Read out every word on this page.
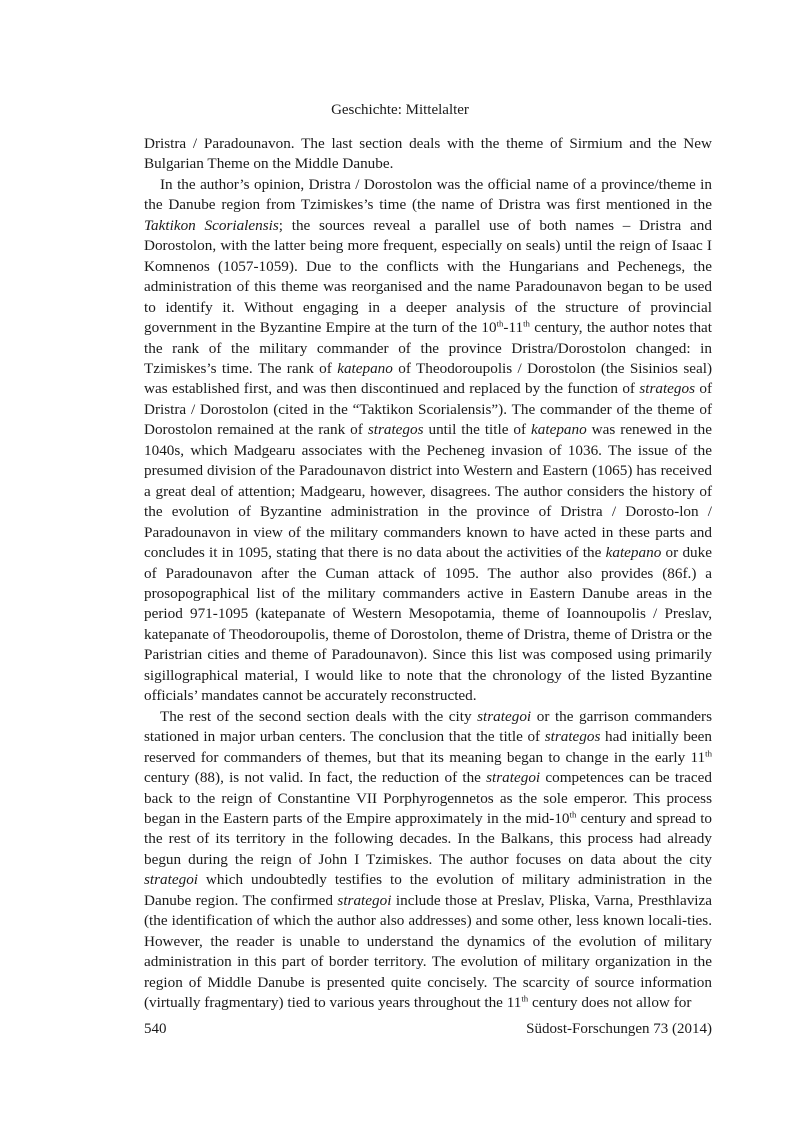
Geschichte: Mittelalter

Dristra / Paradounavon. The last section deals with the theme of Sirmium and the New Bulgarian Theme on the Middle Danube.

In the author’s opinion, Dristra / Dorostolon was the official name of a province/theme in the Danube region from Tzimiskes’s time (the name of Dristra was first mentioned in the Taktikon Scorialensis; the sources reveal a parallel use of both names – Dristra and Dorostolon, with the latter being more frequent, especially on seals) until the reign of Isaac I Komnenos (1057-1059). Due to the conflicts with the Hungarians and Pechenegs, the administration of this theme was reorganised and the name Paradounavon began to be used to identify it. Without engaging in a deeper analysis of the structure of provincial government in the Byzantine Empire at the turn of the 10th-11th century, the author notes that the rank of the military commander of the province Dristra/Dorostolon changed: in Tzimiskes’s time. The rank of katepano of Theodoroupolis / Dorostolon (the Sisinios seal) was established first, and was then discontinued and replaced by the function of strategos of Dristra / Dorostolon (cited in the “Taktikon Scorialensis”). The commander of the theme of Dorostolon remained at the rank of strategos until the title of katepano was renewed in the 1040s, which Madgearu associates with the Pecheneg invasion of 1036. The issue of the presumed division of the Paradounavon district into Western and Eastern (1065) has received a great deal of attention; Madgearu, however, disagrees. The author considers the history of the evolution of Byzantine administration in the province of Dristra / Dorosto-lon / Paradounavon in view of the military commanders known to have acted in these parts and concludes it in 1095, stating that there is no data about the activities of the katepano or duke of Paradounavon after the Cuman attack of 1095. The author also provides (86f.) a prosopographical list of the military commanders active in Eastern Danube areas in the period 971-1095 (katepanate of Western Mesopotamia, theme of Ioannoupolis / Preslav, katepanate of Theodoroupolis, theme of Dorostolon, theme of Dristra, theme of Dristra or the Paristrian cities and theme of Paradounavon). Since this list was composed using primarily sigillographical material, I would like to note that the chronology of the listed Byzantine officials’ mandates cannot be accurately reconstructed.

The rest of the second section deals with the city strategoi or the garrison commanders stationed in major urban centers. The conclusion that the title of strategos had initially been reserved for commanders of themes, but that its meaning began to change in the early 11th century (88), is not valid. In fact, the reduction of the strategoi competences can be traced back to the reign of Constantine VII Porphyrogennetos as the sole emperor. This process began in the Eastern parts of the Empire approximately in the mid-10th century and spread to the rest of its territory in the following decades. In the Balkans, this process had already begun during the reign of John I Tzimiskes. The author focuses on data about the city strategoi which undoubtedly testifies to the evolution of military administration in the Danube region. The confirmed strategoi include those at Preslav, Pliska, Varna, Presthlaviza (the identification of which the author also addresses) and some other, less known locali-ties. However, the reader is unable to understand the dynamics of the evolution of military administration in this part of border territory. The evolution of military organization in the region of Middle Danube is presented quite concisely. The scarcity of source information (virtually fragmentary) tied to various years throughout the 11th century does not allow for

540	Südost-Forschungen 73 (2014)
